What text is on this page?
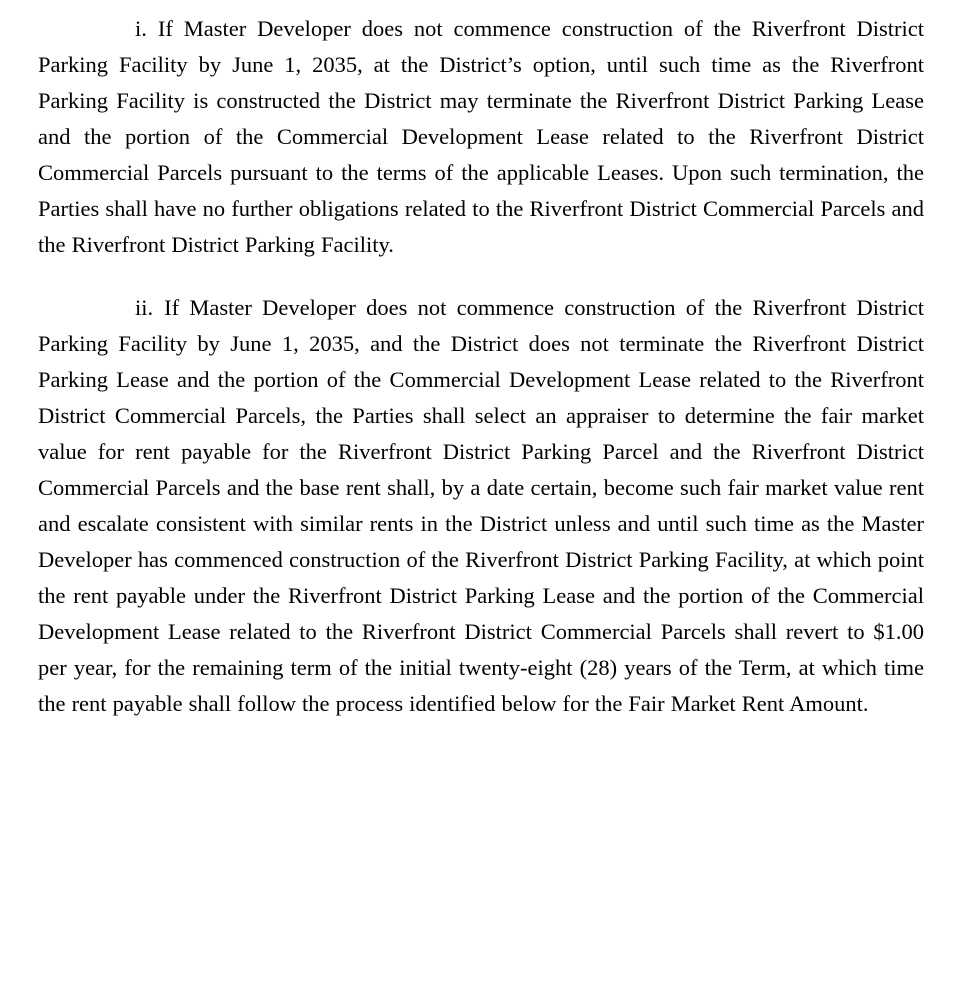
i. If Master Developer does not commence construction of the Riverfront District Parking Facility by June 1, 2035, at the District’s option, until such time as the Riverfront Parking Facility is constructed the District may terminate the Riverfront District Parking Lease and the portion of the Commercial Development Lease related to the Riverfront District Commercial Parcels pursuant to the terms of the applicable Leases. Upon such termination, the Parties shall have no further obligations related to the Riverfront District Commercial Parcels and the Riverfront District Parking Facility.

ii. If Master Developer does not commence construction of the Riverfront District Parking Facility by June 1, 2035, and the District does not terminate the Riverfront District Parking Lease and the portion of the Commercial Development Lease related to the Riverfront District Commercial Parcels, the Parties shall select an appraiser to determine the fair market value for rent payable for the Riverfront District Parking Parcel and the Riverfront District Commercial Parcels and the base rent shall, by a date certain, become such fair market value rent and escalate consistent with similar rents in the District unless and until such time as the Master Developer has commenced construction of the Riverfront District Parking Facility, at which point the rent payable under the Riverfront District Parking Lease and the portion of the Commercial Development Lease related to the Riverfront District Commercial Parcels shall revert to $1.00 per year, for the remaining term of the initial twenty-eight (28) years of the Term, at which time the rent payable shall follow the process identified below for the Fair Market Rent Amount.
